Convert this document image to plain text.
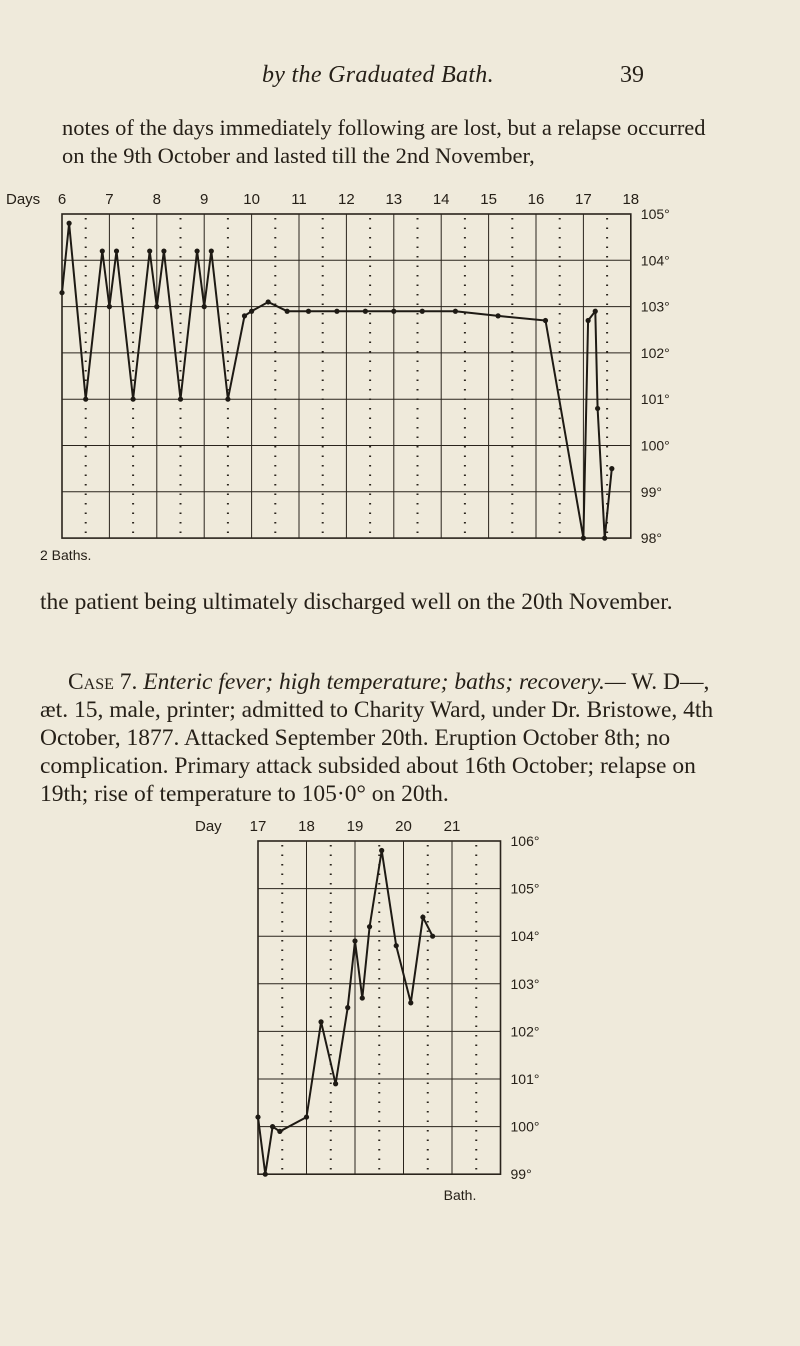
by the Graduated Bath.	39

notes of the days immediately following are lost, but a relapse occurred on the 9th October and lasted till the 2nd November,

6	7	8	9 10 11 12 13 14 15 16 17 18
Days
105°
104°
103°
102°
101°
100°
99°
98°
2 Baths.

the patient being ultimately discharged well on the 20th November.

Case 7. Enteric fever; high temperature; baths; recovery.— W. D—, æt. 15, male, printer; admitted to Charity Ward, under Dr. Bristowe, 4th October, 1877. Attacked September 20th. Eruption October 8th; no complication. Primary attack subsided about 16th October; relapse on 19th; rise of temperature to 105·0° on 20th.

17 18 19 20 21
Day
106°
105°
104°
103°
102°
101°
100°
99°
Bath.
